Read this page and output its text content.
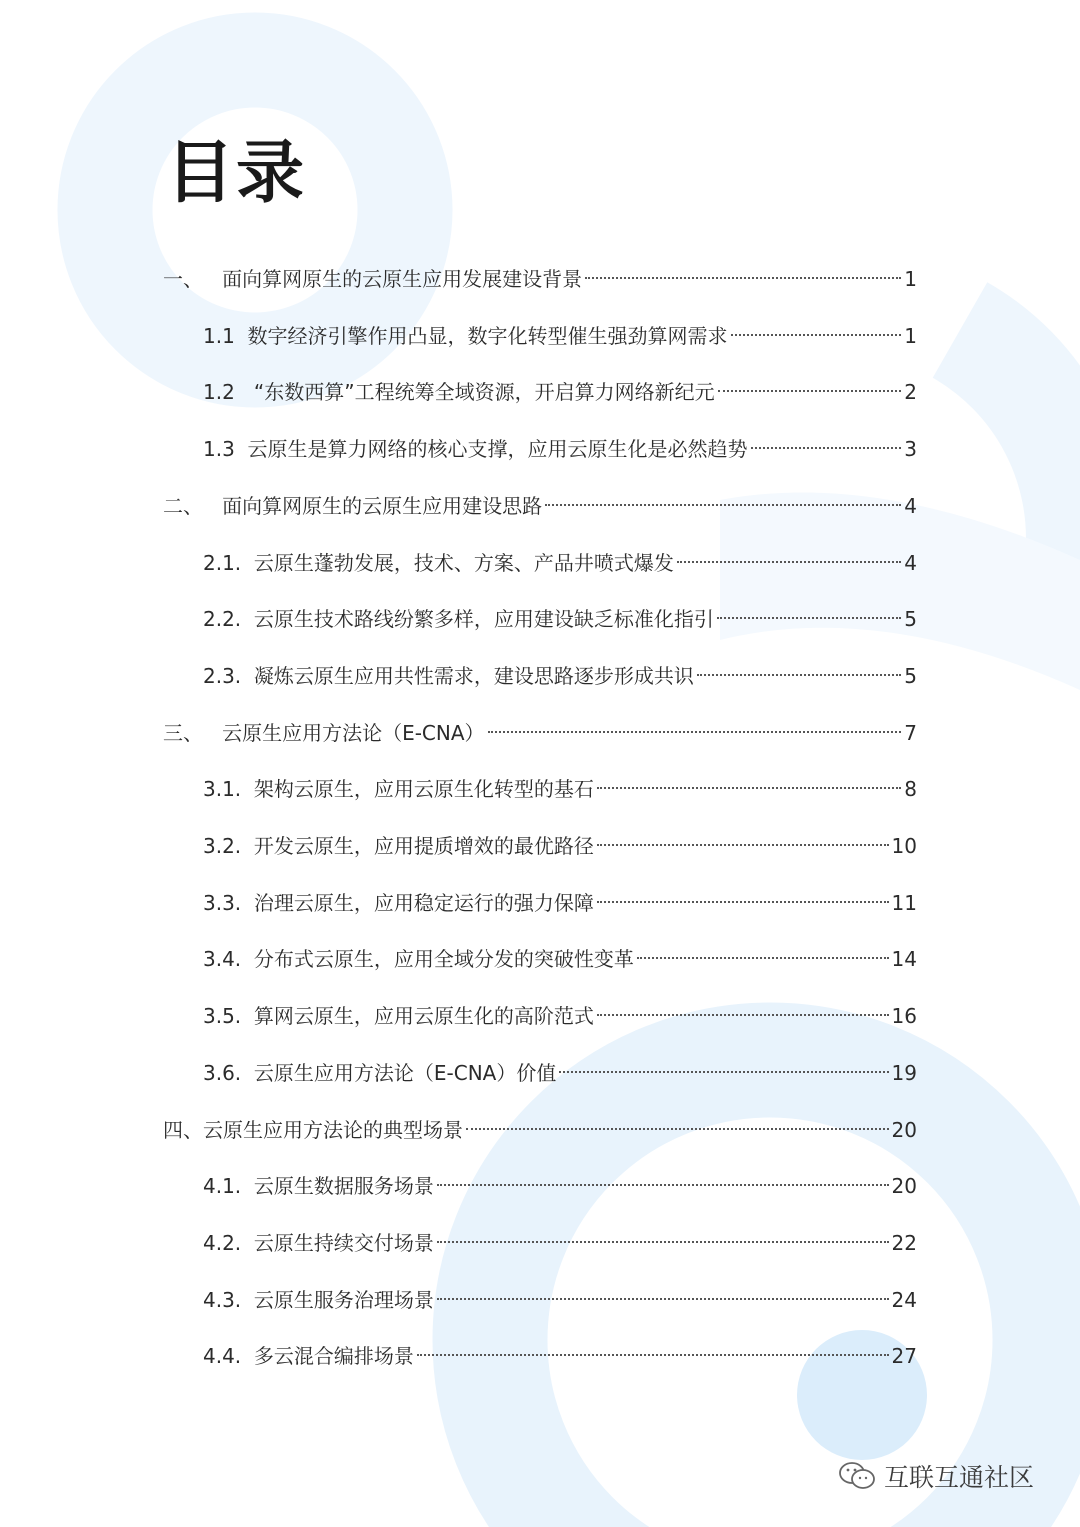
目录
一、 面向算网原生的云原生应用发展建设背景	1
1.1 数字经济引擎作用凸显，数字化转型催生强劲算网需求	1
1.2 “东数西算”工程统筹全域资源，开启算力网络新纪元	2
1.3 云原生是算力网络的核心支撑，应用云原生化是必然趋势	3
二、 面向算网原生的云原生应用建设思路	4
2.1. 云原生蓬勃发展，技术、方案、产品井喷式爆发	4
2.2. 云原生技术路线纷繁多样，应用建设缺乏标准化指引	5
2.3. 凝炼云原生应用共性需求，建设思路逐步形成共识	5
三、 云原生应用方法论（E-CNA）	7
3.1. 架构云原生，应用云原生化转型的基石	8
3.2. 开发云原生，应用提质增效的最优路径	10
3.3. 治理云原生，应用稳定运行的强力保障	11
3.4. 分布式云原生，应用全域分发的突破性变革	14
3.5. 算网云原生，应用云原生化的高阶范式	16
3.6. 云原生应用方法论（E-CNA）价值	19
四、 云原生应用方法论的典型场景	20
4.1. 云原生数据服务场景	20
4.2. 云原生持续交付场景	22
4.3. 云原生服务治理场景	24
4.4. 多云混合编排场景	27
互联互通社区
